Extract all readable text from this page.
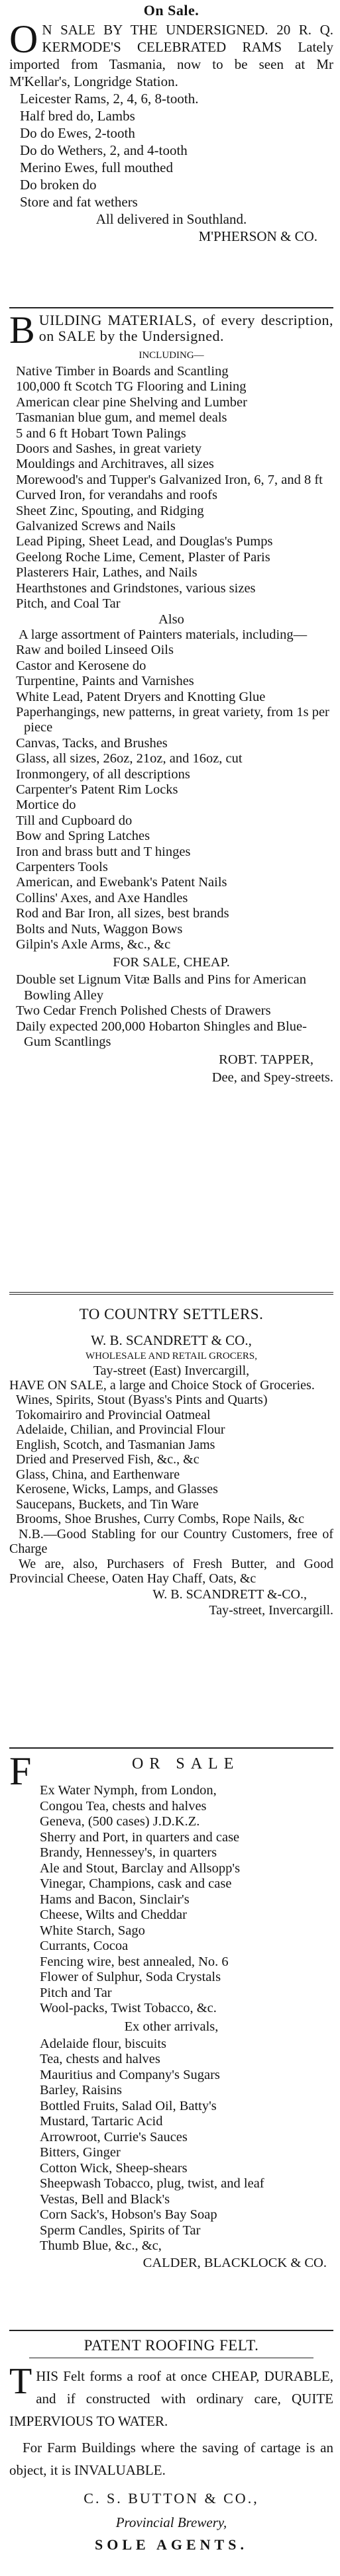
On Sale.
O N SALE BY THE UNDERSIGNED. 20 R. Q. KERMODE'S CELEBRATED RAMS Lately imported from Tasmania, now to be seen at Mr M'Kellar's, Longridge Station.

Leicester Rams, 2, 4, 6, 8-tooth.

Half bred do, Lambs

Do do Ewes, 2-tooth

Do do Wethers, 2, and 4-tooth

Merino Ewes, full mouthed

Do broken do

Store and fat wethers

All delivered in Southland.

M'PHERSON & CO.

BUILDING MATERIALS, of every description, on SALE by the Undersigned.

INCLUDING—

Native Timber in Boards and Scantling

100,000 ft Scotch TG Flooring and Lining

American clear pine Shelving and Lumber

Tasmanian blue gum, and memel deals

5 and 6 ft Hobart Town Palings

Doors and Sashes, in great variety

Mouldings and Architraves, all sizes

Morewood's and Tupper's Galvanized Iron, 6, 7, and 8 ft

Curved Iron, for verandahs and roofs

Sheet Zinc, Spouting, and Ridging

Galvanized Screws and Nails

Lead Piping, Sheet Lead, and Douglas's Pumps

Geelong Roche Lime, Cement, Plaster of Paris

Plasterers Hair, Lathes, and Nails

Hearthstones and Grindstones, various sizes

Pitch, and Coal Tar

Also

A large assortment of Painters materials, including—

Raw and boiled Linseed Oils

Castor and Kerosene do

Turpentine, Paints and Varnishes

White Lead, Patent Dryers and Knotting Glue

Paperhangings, new patterns, in great variety, from 1s per piece

Canvas, Tacks, and Brushes

Glass, all sizes, 26oz, 21oz, and 16oz, cut

Ironmongery, of all descriptions

Carpenter's Patent Rim Locks

Mortice do

Till and Cupboard do

Bow and Spring Latches

Iron and brass butt and T hinges

Carpenters Tools

American, and Ewebank's Patent Nails

Collins' Axes, and Axe Handles

Rod and Bar Iron, all sizes, best brands

Bolts and Nuts, Waggon Bows

Gilpin's Axle Arms, &c., &c

FOR SALE, CHEAP.

Double set Lignum Vitæ Balls and Pins for American Bowling Alley

Two Cedar French Polished Chests of Drawers

Daily expected 200,000 Hobarton Shingles and Blue-Gum Scantlings

ROBT. TAPPER,

Dee, and Spey-streets.

TO COUNTRY SETTLERS.

W. B. SCANDRETT & CO.,

WHOLESALE AND RETAIL GROCERS,

Tay-street (East) Invercargill,

HAVE ON SALE, a large and Choice Stock of Groceries.

Wines, Spirits, Stout (Byass's Pints and Quarts)

Tokomairiro and Provincial Oatmeal

Adelaide, Chilian, and Provincial Flour

English, Scotch, and Tasmanian Jams

Dried and Preserved Fish, &c., &c

Glass, China, and Earthenware

Kerosene, Wicks, Lamps, and Glasses

Saucepans, Buckets, and Tin Ware

Brooms, Shoe Brushes, Curry Combs, Rope Nails, &c

N.B.—Good Stabling for our Country Customers, free of Charge

We are, also, Purchasers of Fresh Butter, and Good Provincial Cheese, Oaten Hay Chaff, Oats, &c

W. B. SCANDRETT &-CO.,

Tay-street, Invercargill.

F	OR SALE

Ex Water Nymph, from London,

Congou Tea, chests and halves

Geneva, (500 cases) J.D.K.Z.

Sherry and Port, in quarters and case

Brandy, Hennessey's, in quarters

Ale and Stout, Barclay and Allsopp's

Vinegar, Champions, cask and case

Hams and Bacon, Sinclair's

Cheese, Wilts and Cheddar

White Starch, Sago

Currants, Cocoa

Fencing wire, best annealed, No. 6

Flower of Sulphur, Soda Crystals

Pitch and Tar

Wool-packs, Twist Tobacco, &c.

Ex other arrivals,

Adelaide flour, biscuits

Tea, chests and halves

Mauritius and Company's Sugars

Barley, Raisins

Bottled Fruits, Salad Oil, Batty's

Mustard, Tartaric Acid

Arrowroot, Currie's Sauces

Bitters, Ginger

Cotton Wick, Sheep-shears

Sheepwash Tobacco, plug, twist, and leaf

Vestas, Bell and Black's

Corn Sack's, Hobson's Bay Soap

Sperm Candles, Spirits of Tar

Thumb Blue, &c., &c,

CALDER, BLACKLOCK & CO.

PATENT ROOFING FELT.
THIS Felt forms a roof at once CHEAP, DURABLE, and if constructed with ordinary care, QUITE IMPERVIOUS TO WATER.

For Farm Buildings where the saving of cartage is an object, it is INVALUABLE.

C. S. BUTTON & CO.,

Provincial Brewery,

SOLE AGENTS.
